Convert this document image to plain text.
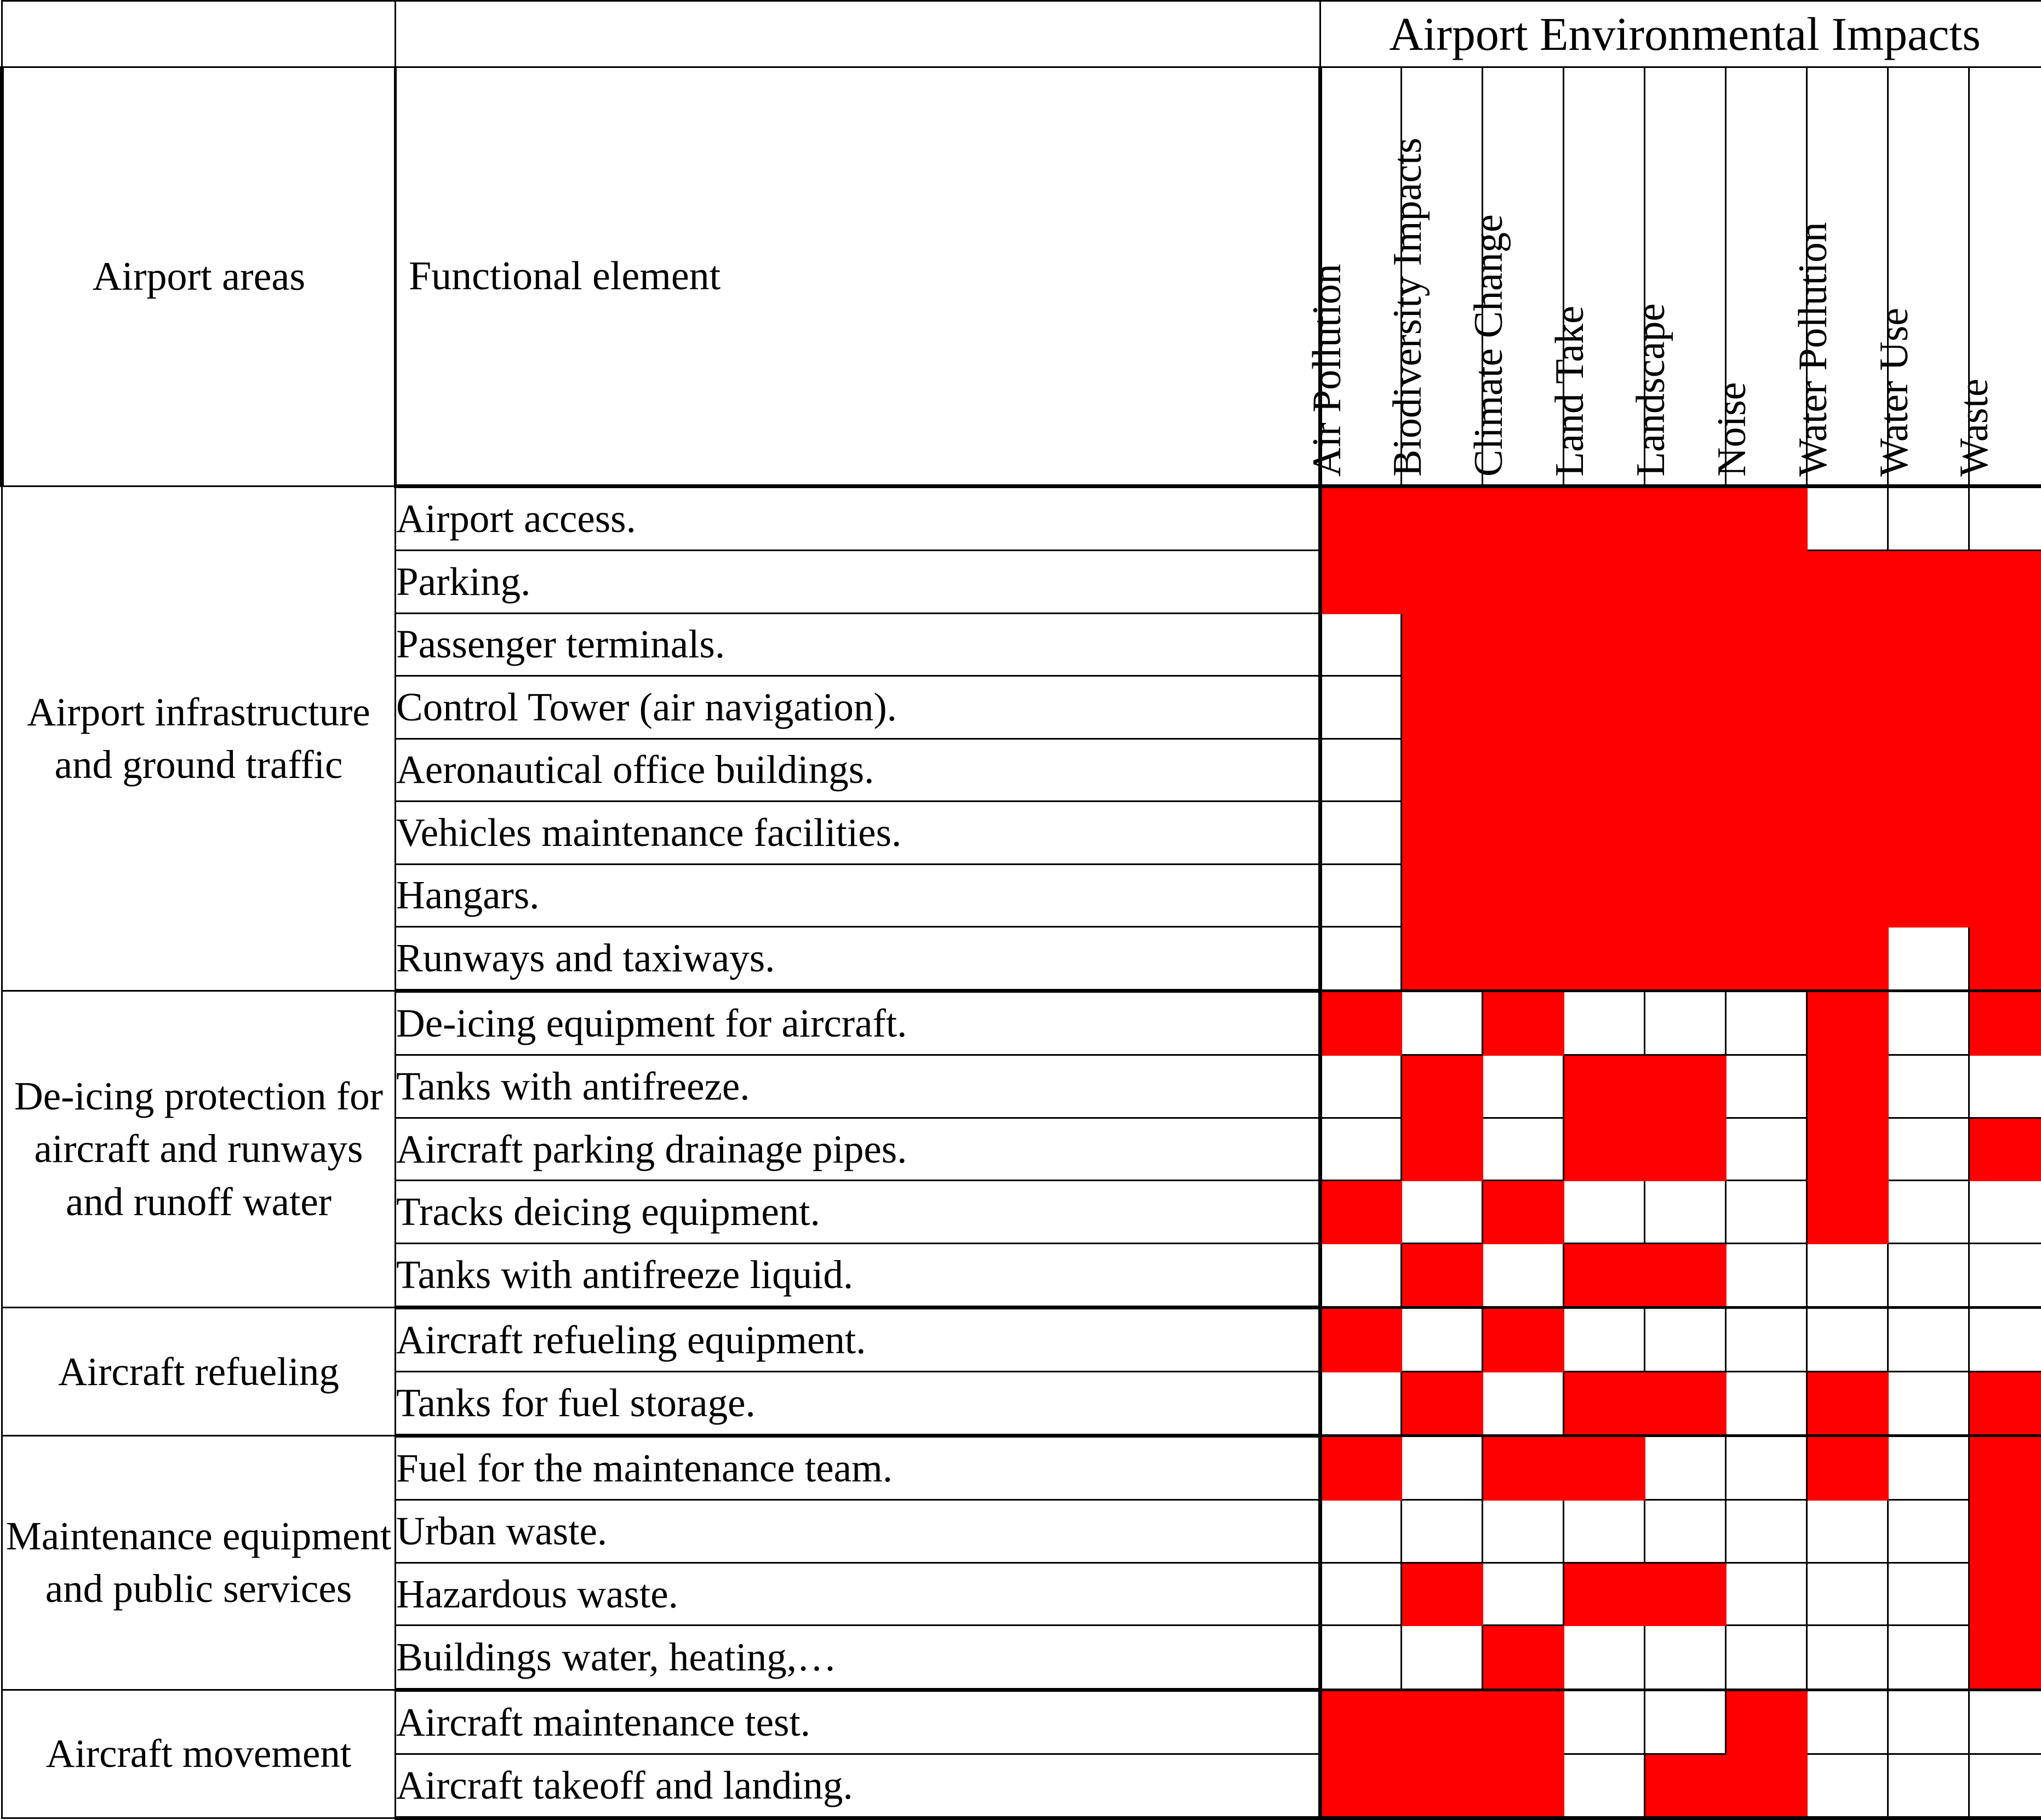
		Airport Environmental Impacts								
Airport areas	Functional element	Air Pollution	Biodiversity Impacts	Climate Change	Land Take	Landscape	Noise	Water Pollution	Water Use	Waste

Airport infrastructure and ground traffic	Airport access.									
	Parking.									
	Passenger terminals.									
	Control Tower (air navigation).									
	Aeronautical office buildings.									
	Vehicles maintenance facilities.									
	Hangars.									
	Runways and taxiways.									
De-icing protection for aircraft and runways and runoff water	De-icing equipment for aircraft.									
	Tanks with antifreeze.									
	Aircraft parking drainage pipes.									
	Tracks deicing equipment.									
	Tanks with antifreeze liquid.									
Aircraft refueling	Aircraft refueling equipment.									
	Tanks for fuel storage.									
Maintenance equipment and public services	Fuel for the maintenance team.									
	Urban waste.									
	Hazardous waste.									
	Buildings water, heating,…									
Aircraft movement	Aircraft maintenance test.									
	Aircraft takeoff and landing.									
